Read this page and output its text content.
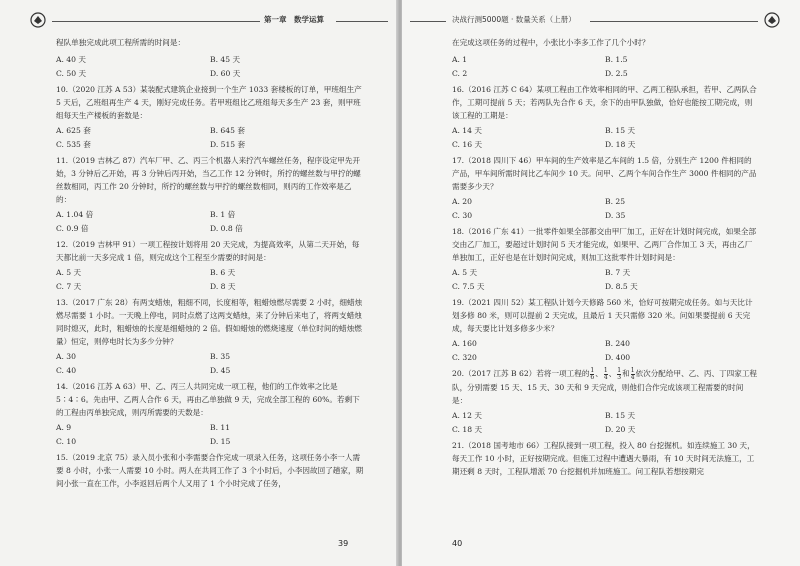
第一章　数学运算
程队单独完成此项工程所需的时间是：
A. 40 天	B. 45 天
C. 50 天	D. 60 天
10.（2020 江苏 A 53）某装配式建筑企业接到一个生产 1033 套楼板的订单，甲班组生产 5 天后，乙班组再生产 4 天，刚好完成任务。若甲班组比乙班组每天多生产 23 套，则甲班组每天生产楼板的套数是：
A. 625 套	B. 645 套
C. 535 套	D. 515 套
11.（2019 吉林乙 87）汽车厂甲、乙、丙三个机器人来拧汽车螺丝任务，程序设定甲先开始，3 分钟后乙开始，再 3 分钟后丙开始，当乙工作 12 分钟时，所拧的螺丝数与甲拧的螺丝数相同，丙工作 20 分钟时，所拧的螺丝数与甲拧的螺丝数相同，则丙的工作效率是乙的：
A. 1.04 倍	B. 1 倍
C. 0.9 倍	D. 0.8 倍
12.（2019 吉林甲 91）一项工程按计划将用 20 天完成，为提高效率，从第二天开始，每天都比前一天多完成 1 倍，则完成这个工程至少需要的时间是：
A. 5 天	B. 6 天
C. 7 天	D. 8 天
13.（2017 广东 28）有两支蜡烛，粗细不同，长度相等，粗蜡烛燃尽需要 2 小时，细蜡烛燃尽需要 1 小时。一天晚上停电，同时点燃了这两支蜡烛，来了分钟后来电了，将两支蜡烛同时熄灭，此时，粗蜡烛的长度是细蜡烛的 2 倍。假如蜡烛的燃烧速度（单位时间的蜡烛燃量）恒定，则停电时长为多少分钟？
A. 30	B. 35
C. 40	D. 45
14.（2016 江苏 A 63）甲、乙、丙三人共同完成一项工程，他们的工作效率之比是 5∶4∶6。先由甲、乙两人合作 6 天，再由乙单独做 9 天，完成全部工程的 60%。若剩下的工程由丙单独完成，则丙所需要的天数是：
A. 9	B. 11
C. 10	D. 15
15.（2019 北京 75）录入员小张和小李需要合作完成一项录入任务，这项任务小李一人需要 8 小时，小张一人需要 10 小时。两人在共同工作了 3 个小时后，小李因故回了趟家，期间小张一直在工作，小李返回后两个人又用了 1 个小时完成了任务，
39
决战行测5000题 · 数量关系（上册）
在完成这项任务的过程中，小张比小李多工作了几个小时？
A. 1	B. 1.5
C. 2	D. 2.5
16.（2016 江苏 C 64）某项工程由工作效率相同的甲、乙两工程队承担，若甲、乙两队合作，工期可提前 5 天；若两队先合作 6 天，余下的由甲队独做，恰好也能按工期完成，则该工程的工期是：
A. 14 天	B. 15 天
C. 16 天	D. 18 天
17.（2018 四川下 46）甲车间的生产效率是乙车间的 1.5 倍，分别生产 1200 件相同的产品，甲车间所需时间比乙车间少 10 天。问甲、乙两个车间合作生产 3000 件相同的产品需要多少天？
A. 20	B. 25
C. 30	D. 35
18.（2016 广东 41）一批零件如果全部都交由甲厂加工，正好在计划时间完成，如果全部交由乙厂加工，要超过计划时间 5 天才能完成，如果甲、乙两厂合作加工 3 天，再由乙厂单独加工，正好也是在计划时间完成，则加工这批零件计划时间是：
A. 5 天	B. 7 天
C. 7.5 天	D. 8.5 天
19.（2021 四川 52）某工程队计划今天修路 560 米，恰好可按期完成任务。如与天比计划多修 80 米，则可以提前 2 天完成，且最后 1 天只需修 320 米。问如果要提前 6 天完成，每天要比计划多修多少米？
A. 160	B. 240
C. 320	D. 400
20.（2017 江苏 B 62）若将一项工程的 $\frac{1}{6}$ 、 $\frac{1}{4}$ 、 $\frac{1}{3}$ 和 $\frac{1}{4}$ 依次分配给甲、乙、丙、丁四家工程队，分别需要 15 天、15 天、30 天和 9 天完成，则他们合作完成该项工程需要的时间是：
A. 12 天	B. 15 天
C. 18 天	D. 20 天
21.（2018 国考地市 66）工程队接到一项工程，投入 80 台挖掘机。如连续施工 30 天，每天工作 10 小时，正好按期完成。但施工过程中遭遇大暴雨，有 10 天时间无法施工，工期还剩 8 天时，工程队增派 70 台挖掘机并加班施工。问工程队若想按期完
40
